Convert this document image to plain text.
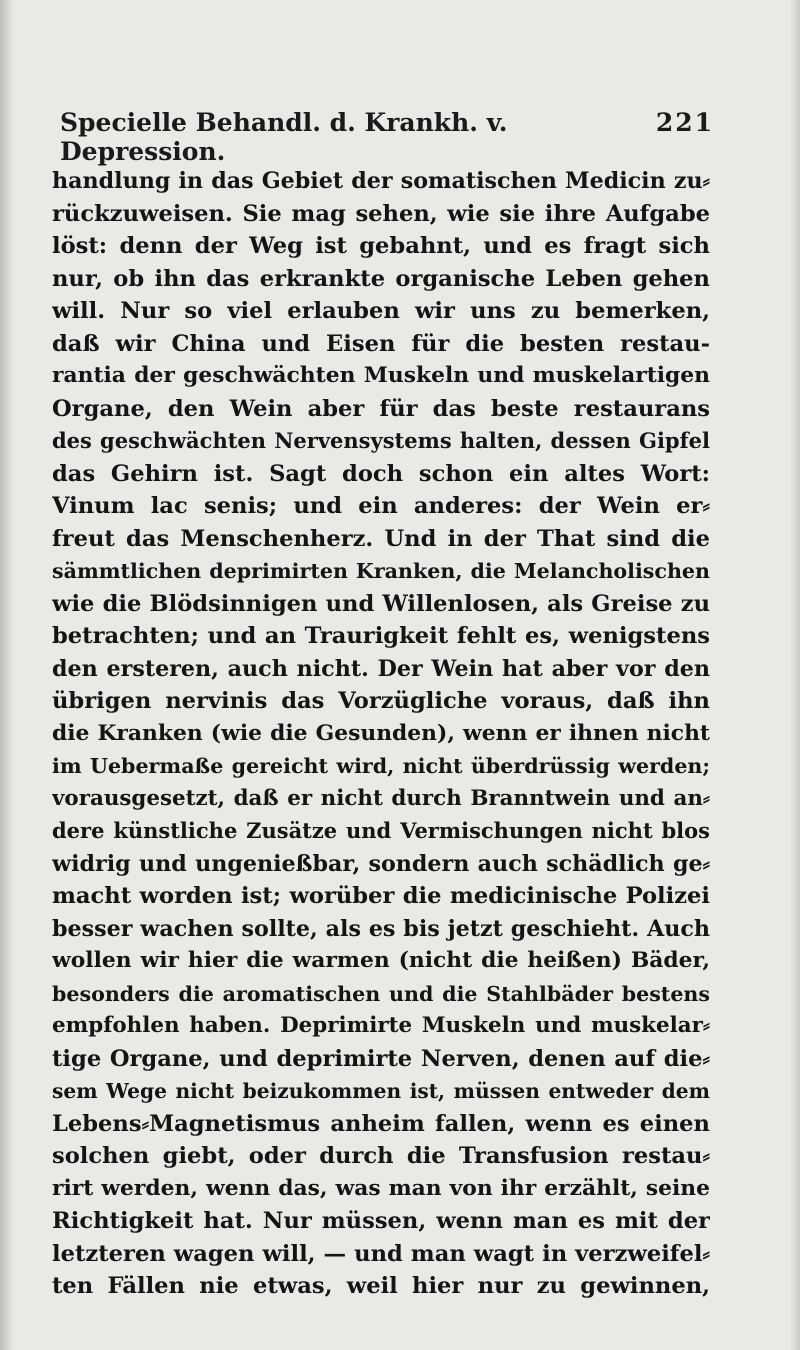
Specielle Behandl. d. Krankh. v. Depression.
221
handlung in das Gebiet der somatischen Medicin zu⸗
rückzuweisen. Sie mag sehen, wie sie ihre Aufgabe
löst: denn der Weg ist gebahnt, und es fragt sich
nur, ob ihn das erkrankte organische Leben gehen
will. Nur so viel erlauben wir uns zu bemerken,
daß wir China und Eisen für die besten restau-
rantia der geschwächten Muskeln und muskelartigen
Organe, den Wein aber für das beste restaurans
des geschwächten Nervensystems halten, dessen Gipfel
das Gehirn ist. Sagt doch schon ein altes Wort:
Vinum lac senis; und ein anderes: der Wein er⸗
freut das Menschenherz. Und in der That sind die
sämmtlichen deprimirten Kranken, die Melancholischen
wie die Blödsinnigen und Willenlosen, als Greise zu
betrachten; und an Traurigkeit fehlt es, wenigstens
den ersteren, auch nicht. Der Wein hat aber vor den
übrigen nervinis das Vorzügliche voraus, daß ihn
die Kranken (wie die Gesunden), wenn er ihnen nicht
im Uebermaße gereicht wird, nicht überdrüssig werden;
vorausgesetzt, daß er nicht durch Branntwein und an⸗
dere künstliche Zusätze und Vermischungen nicht blos
widrig und ungenießbar, sondern auch schädlich ge⸗
macht worden ist; worüber die medicinische Polizei
besser wachen sollte, als es bis jetzt geschieht. Auch
wollen wir hier die warmen (nicht die heißen) Bäder,
besonders die aromatischen und die Stahlbäder bestens
empfohlen haben. Deprimirte Muskeln und muskelar⸗
tige Organe, und deprimirte Nerven, denen auf die⸗
sem Wege nicht beizukommen ist, müssen entweder dem
Lebens⸗Magnetismus anheim fallen, wenn es einen
solchen giebt, oder durch die Transfusion restau⸗
rirt werden, wenn das, was man von ihr erzählt, seine
Richtigkeit hat. Nur müssen, wenn man es mit der
letzteren wagen will, — und man wagt in verzweifel⸗
ten Fällen nie etwas, weil hier nur zu gewinnen,
